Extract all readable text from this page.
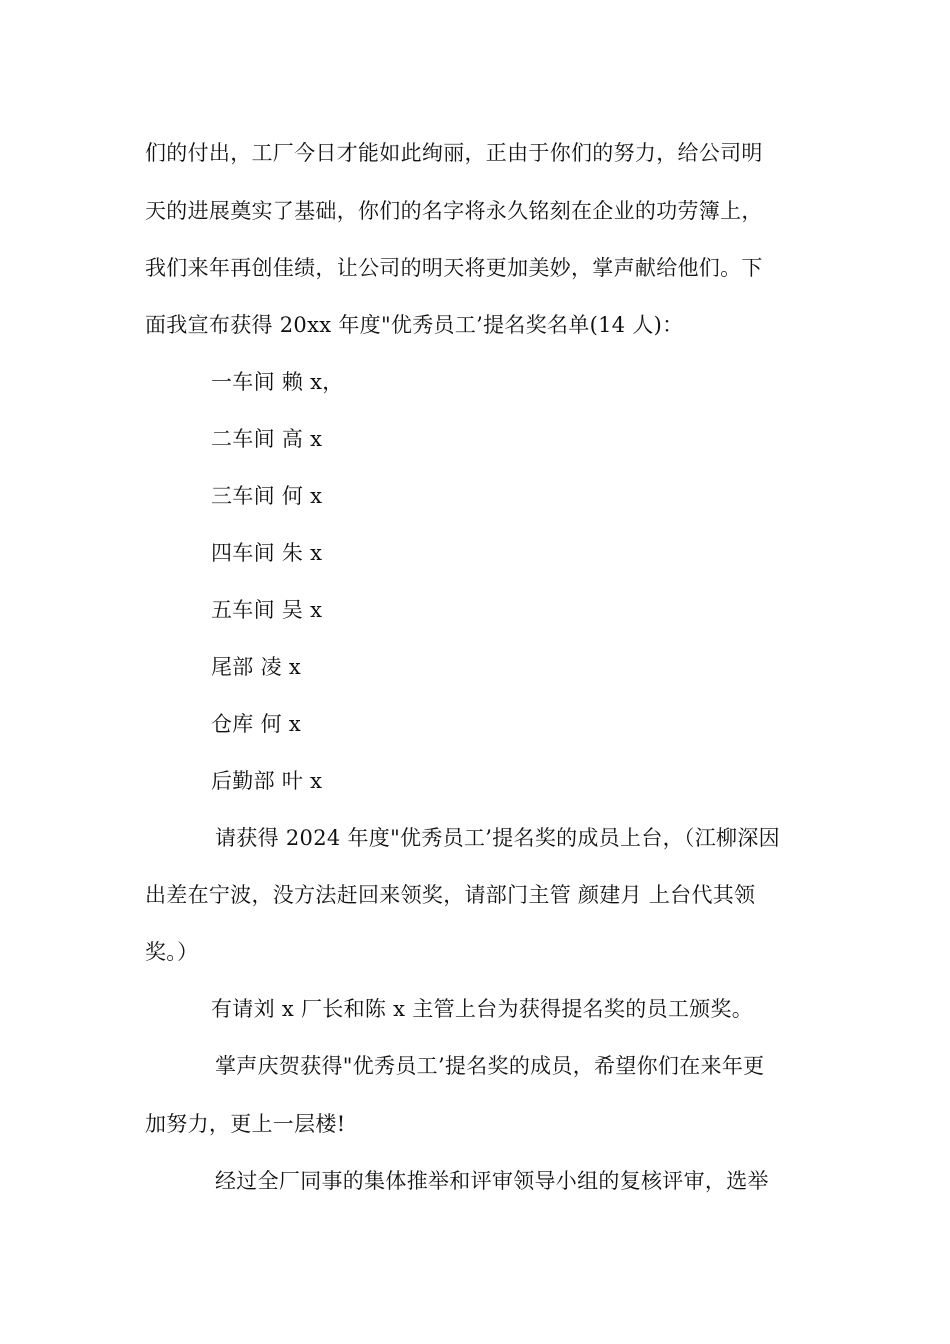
们的付出，工厂今日才能如此绚丽，正由于你们的努力，给公司明
天的进展奠实了基础，你们的名字将永久铭刻在企业的功劳簿上，
我们来年再创佳绩，让公司的明天将更加美妙，掌声献给他们。下
面我宣布获得 20xx 年度"优秀员工’提名奖名单(14 人)：
一车间 赖 x，
二车间 高 x
三车间 何 x
四车间 朱 x
五车间 吴 x
尾部 凌 x
仓库 何 x
后勤部 叶 x
请获得 2024 年度"优秀员工’提名奖的成员上台，（江柳深因
出差在宁波，没方法赶回来领奖，请部门主管 颜建月 上台代其领
奖。）
有请刘 x 厂长和陈 x 主管上台为获得提名奖的员工颁奖。
掌声庆贺获得"优秀员工’提名奖的成员，希望你们在来年更
加努力，更上一层楼!
经过全厂同事的集体推举和评审领导小组的复核评审，选举
